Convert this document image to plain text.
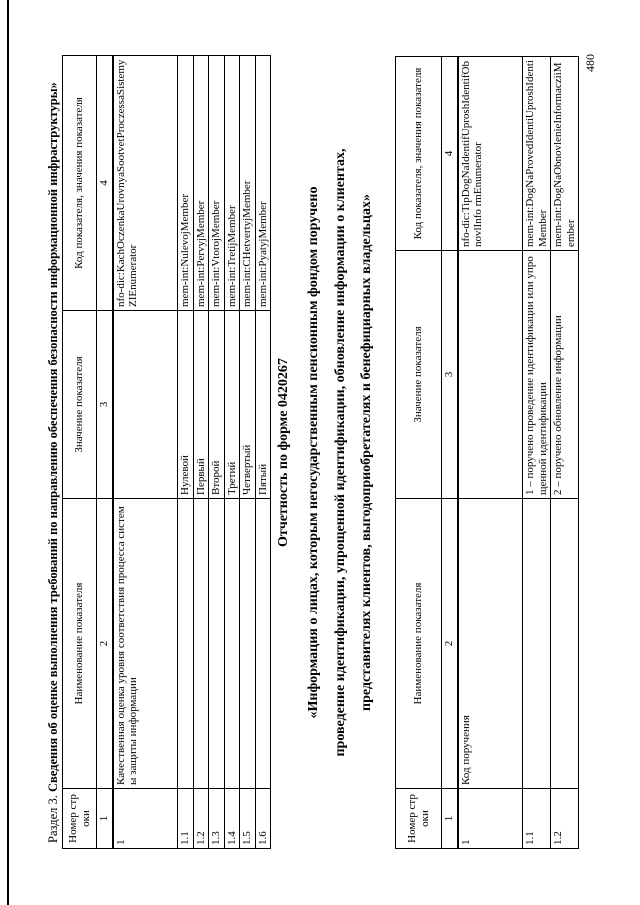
480
Раздел 3. Сведения об оценке выполнения требований по направлению обеспечения безопасности информационной инфраструктуры»
Номер строки	Наименование показателя	Значение показателя	Код показателя, значения показателя
1	2	3	4
1	Качественная оценка уровня соответствия процесса системы защиты информации		nfo-dic:KachOczenkaUrovnyaSootvetProczessaSistemyZIEnumerator
1.1		Нулевой	mem-int:NulevojMember
1.2		Первый	mem-int:PervyjMember
1.3		Второй	mem-int:VtorojMember
1.4		Третий	mem-int:TretijMember
1.5		Четвертый	mem-int:CHetvertyjMember
1.6		Пятый	mem-int:PyatyjMember
Отчетность по форме 0420267 «Информация о лицах, которым негосударственным пенсионным фондом поручено проведение идентификации, упрощенной идентификации, обновление информации о клиентах, представителях клиентов, выгодоприобретателях и бенефициарных владельцах»
Номер строки	Наименование показателя	Значение показателя	Код показателя, значения показателя
1	2	3	4
1	Код поручения		nfo-dic:TipDogNaIdentifUproshIdentifObnovlInfo rmEnumerator
1.1		1 – поручено проведение идентификации или упрощенной идентификации	mem-int:DogNaProvedIdentiUproshIdentiMember
1.2		2 – поручено обновление информации	mem-int:DogNaObnovlenieInformacziiMember
